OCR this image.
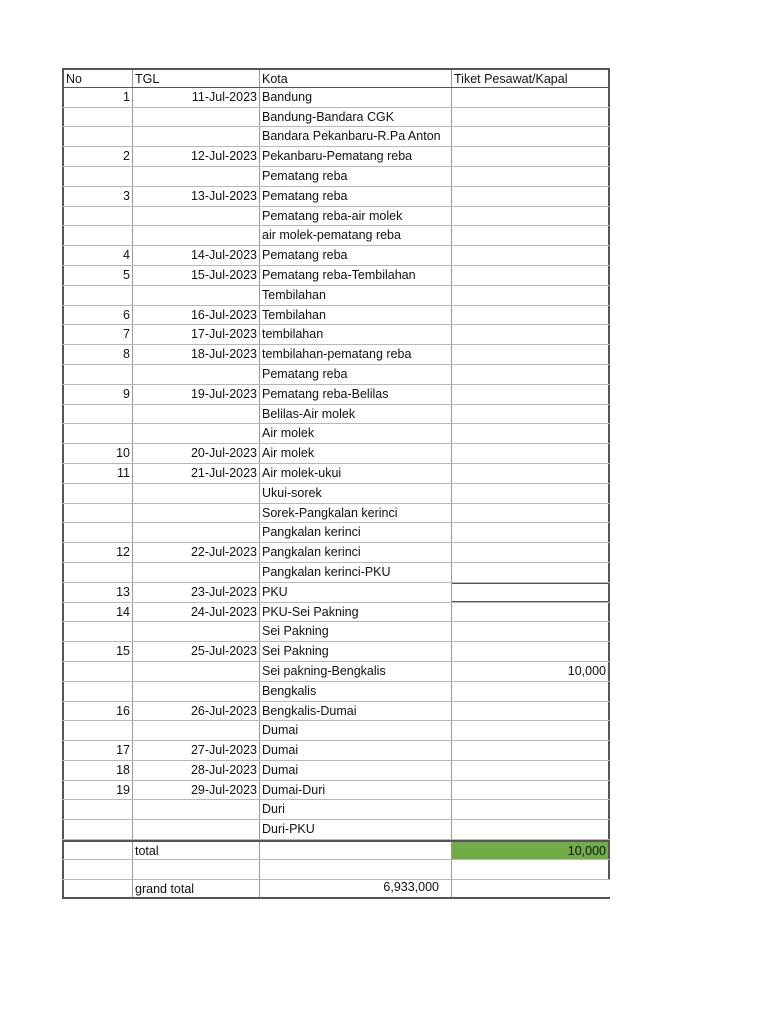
No	TGL	Kota	Tiket Pesawat/Kapal
1	11-Jul-2023 Bandung
Bandung-Bandara CGK
Bandara Pekanbaru-R.Pa Anton
2	12-Jul-2023 Pekanbaru-Pematang reba
Pematang reba
3	13-Jul-2023 Pematang reba
Pematang reba-air molek
air molek-pematang reba
4	14-Jul-2023 Pematang reba
5	15-Jul-2023 Pematang reba-Tembilahan
Tembilahan
6	16-Jul-2023 Tembilahan
7	17-Jul-2023 tembilahan
8	18-Jul-2023 tembilahan-pematang reba
Pematang reba
9	19-Jul-2023 Pematang reba-Belilas
Belilas-Air molek
Air molek
10	20-Jul-2023 Air molek
11	21-Jul-2023 Air molek-ukui
Ukui-sorek
Sorek-Pangkalan kerinci
Pangkalan kerinci
12	22-Jul-2023 Pangkalan kerinci
Pangkalan kerinci-PKU
13	23-Jul-2023 PKU
14	24-Jul-2023 PKU-Sei Pakning
Sei Pakning
15	25-Jul-2023 Sei Pakning
Sei pakning-Bengkalis	10,000
Bengkalis
16	26-Jul-2023 Bengkalis-Dumai
Dumai
17	27-Jul-2023 Dumai
18	28-Jul-2023 Dumai
19	29-Jul-2023 Dumai-Duri
Duri
Duri-PKU
total	10,000
grand total	6,933,000
